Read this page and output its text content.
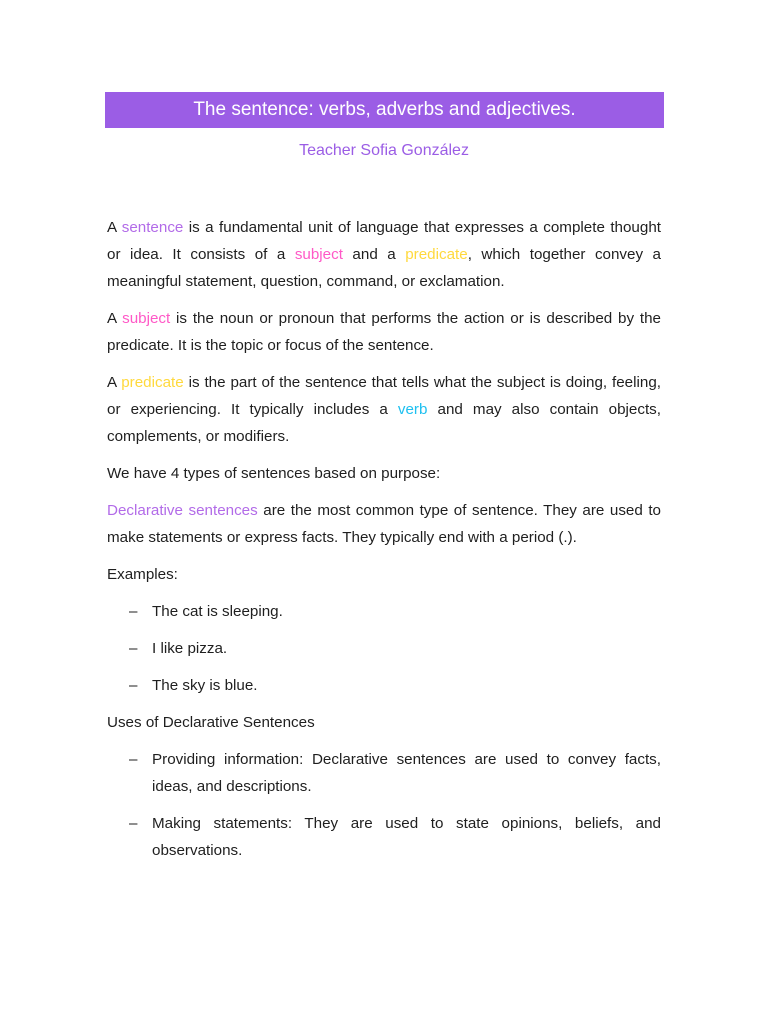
The sentence: verbs, adverbs and adjectives.
Teacher Sofia González

A sentence is a fundamental unit of language that expresses a complete thought or idea. It consists of a subject and a predicate, which together convey a meaningful statement, question, command, or exclamation.

A subject is the noun or pronoun that performs the action or is described by the predicate. It is the topic or focus of the sentence.

A predicate is the part of the sentence that tells what the subject is doing, feeling, or experiencing. It typically includes a verb and may also contain objects, complements, or modifiers.

We have 4 types of sentences based on purpose:

Declarative sentences are the most common type of sentence. They are used to make statements or express facts. They typically end with a period (.).

Examples:

– The cat is sleeping.
– I like pizza.
– The sky is blue.

Uses of Declarative Sentences

– Providing information: Declarative sentences are used to convey facts, ideas, and descriptions.
– Making statements: They are used to state opinions, beliefs, and observations.
